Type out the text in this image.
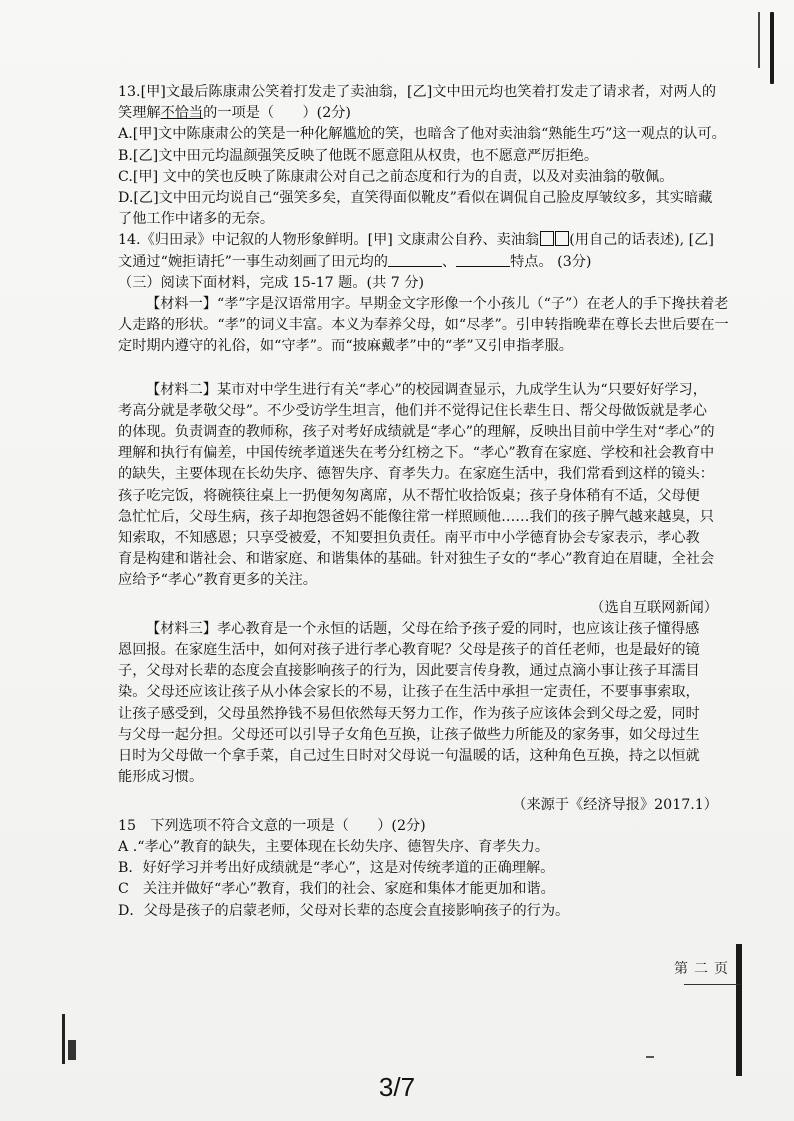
13.[甲]文最后陈康肃公笑着打发走了卖油翁，[乙]文中田元均也笑着打发走了请求者，对两人的
笑理解不恰当的一项是（　　）(2分)
A.[甲]文中陈康肃公的笑是一种化解尴尬的笑，也暗含了他对卖油翁“熟能生巧”这一观点的认可。
B.[乙]文中田元均温颜强笑反映了他既不愿意阻从权贵，也不愿意严厉拒绝。
C.[甲] 文中的笑也反映了陈康肃公对自己之前态度和行为的自责，以及对卖油翁的敬佩。
D.[乙]文中田元均说自己“强笑多矣，直笑得面似靴皮”看似在调侃自己脸皮厚皱纹多，其实暗藏
了他工作中诸多的无奈。
14.《归田录》中记叙的人物形象鲜明。[甲] 文康肃公自矜、卖油翁 (用自己的话表述), [乙]
文通过“婉拒请托”一事生动刻画了田元均的	、	特点。 (3分)
（三）阅读下面材料，完成 15-17 题。(共 7 分)
【材料一】“孝”字是汉语常用字。早期金文字形像一个小孩儿（“子”）在老人的手下搀扶着老
人走路的形状。“孝”的词义丰富。本义为奉养父母，如“尽孝”。引申转指晚辈在尊长去世后要在一
定时期内遵守的礼俗，如“守孝”。而“披麻戴孝”中的“孝”又引申指孝服。
【材料二】某市对中学生进行有关“孝心”的校园调查显示，九成学生认为“只要好好学习，
考高分就是孝敬父母”。不少受访学生坦言，他们并不觉得记住长辈生日、帮父母做饭就是孝心
的体现。负责调查的教师称，孩子对考好成绩就是“孝心”的理解，反映出目前中学生对“孝心”的
理解和执行有偏差，中国传统孝道迷失在考分红榜之下。“孝心”教育在家庭、学校和社会教育中
的缺失，主要体现在长幼失序、德智失序、育孝失力。在家庭生活中，我们常看到这样的镜头：
孩子吃完饭，将碗筷往桌上一扔便匆匆离席，从不帮忙收拾饭桌；孩子身体稍有不适，父母便
急忙忙后，父母生病，孩子却抱怨爸妈不能像往常一样照顾他……我们的孩子脾气越来越臭，只
知索取，不知感恩；只享受被爱，不知要担负责任。南平市中小学德育协会专家表示，孝心教
育是构建和谐社会、和谐家庭、和谐集体的基础。针对独生子女的“孝心”教育迫在眉睫，全社会
应给予“孝心”教育更多的关注。
（选自互联网新闻）
【材料三】孝心教育是一个永恒的话题，父母在给予孩子爱的同时，也应该让孩子懂得感
恩回报。在家庭生活中，如何对孩子进行孝心教育呢？父母是孩子的首任老师，也是最好的镜
子，父母对长辈的态度会直接影响孩子的行为，因此要言传身教，通过点滴小事让孩子耳濡目
染。父母还应该让孩子从小体会家长的不易，让孩子在生活中承担一定责任，不要事事索取，
让孩子感受到，父母虽然挣钱不易但依然每天努力工作，作为孩子应该体会到父母之爱，同时
与父母一起分担。父母还可以引导子女角色互换，让孩子做些力所能及的家务事，如父母过生
日时为父母做一个拿手菜，自己过生日时对父母说一句温暖的话，这种角色互换，持之以恒就
能形成习惯。
（来源于《经济导报》2017.1）
15　下列选项不符合文意的一项是（　　）(2分)
A .“孝心”教育的缺失，主要体现在长幼失序、德智失序、育孝失力。
B．好好学习并考出好成绩就是“孝心”，这是对传统孝道的正确理解。
C　关注并做好“孝心”教育，我们的社会、家庭和集体才能更加和谐。
D．父母是孩子的启蒙老师，父母对长辈的态度会直接影响孩子的行为。
第二页
3/7
